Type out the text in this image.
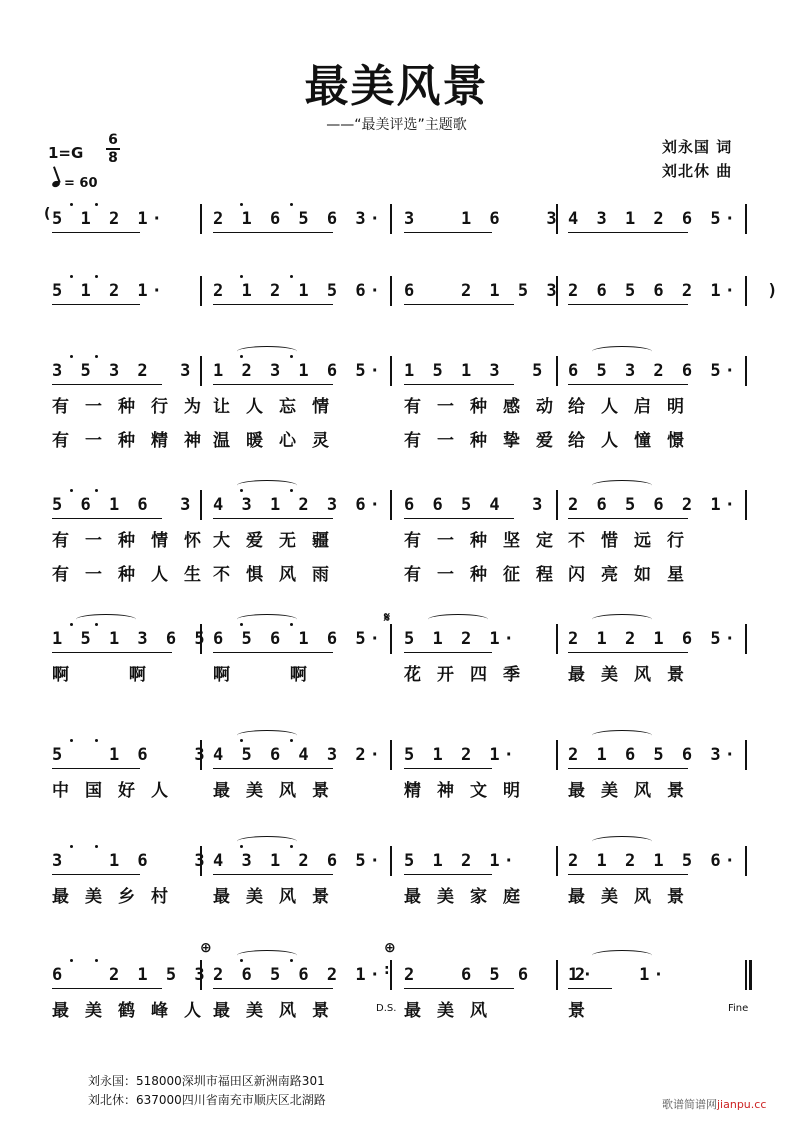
最美风景
——“最美评选”主题歌
1=G
6
8
= 60
刘永国 词
刘北休 曲
5 1 2 1·	2 1 6 5 6 3· 3   1 6   3 4 3 1 2 6 5·
5 1 2 1·	2 1 2 1 5 6· 6   2 1 5 3 2 6 5 6 2 1·  )
3 5 3 2  3
有一种行为
有一种精神
1 2 3 1 6 5·
让人忘情
温暖心灵
1 5 1 3  5
有一种感动
有一种挚爱
6 5 3 2 6 5·
给人启明
给人憧憬
5 6 1 6  3
有一种情怀
有一种人生
4 3 1 2 3 6·
大爱无疆
不惧风雨
6 6 5 4  3
有一种坚定
有一种征程
2 6 5 6 2 1·
不惜远行
闪亮如星
1 5 1 3 6 5
啊  啊
6 5 6 1 6 5·
啊  啊
5 1 2 1·
花开四季
2 1 2 1 6 5·
最美风景
5   1 6   3
中国好人
4 5 6 4 3 2·
最美风景
5 1 2 1·
精神文明
2 1 6 5 6 3·
最美风景
3   1 6   3
最美乡村
4 3 1 2 6 5·
最美风景
5 1 2 1·
最美家庭
2 1 2 1 5 6·
最美风景
6   2 1 5 3
最美鹤峰人
2 6 5 6 2 1·
最美风景
2   6 5 6   2
最美风
1·   1·
景
刘永国：518000深圳市福田区新洲南路301
刘北休：637000四川省南充市顺庆区北湖路	歌谱简谱网jianpu.cc
(
𝄋
⊕	⊕
:
D.S.	Fine
